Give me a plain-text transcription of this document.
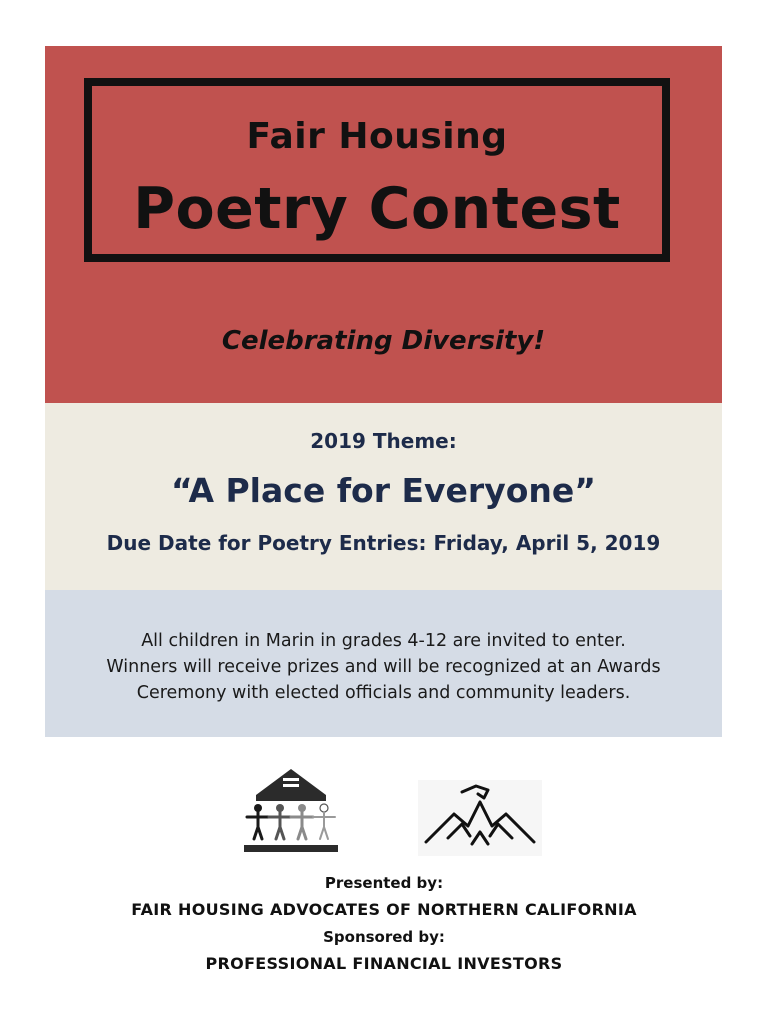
Fair Housing
Poetry Contest
Celebrating Diversity!
2019 Theme:
“A Place for Everyone”
Due Date for Poetry Entries: Friday, April 5, 2019
All children in Marin in grades 4-12 are invited to enter.
Winners will receive prizes and will be recognized at an Awards
Ceremony with elected officials and community leaders.
Presented by:
FAIR HOUSING ADVOCATES OF NORTHERN CALIFORNIA
Sponsored by:
PROFESSIONAL FINANCIAL INVESTORS
